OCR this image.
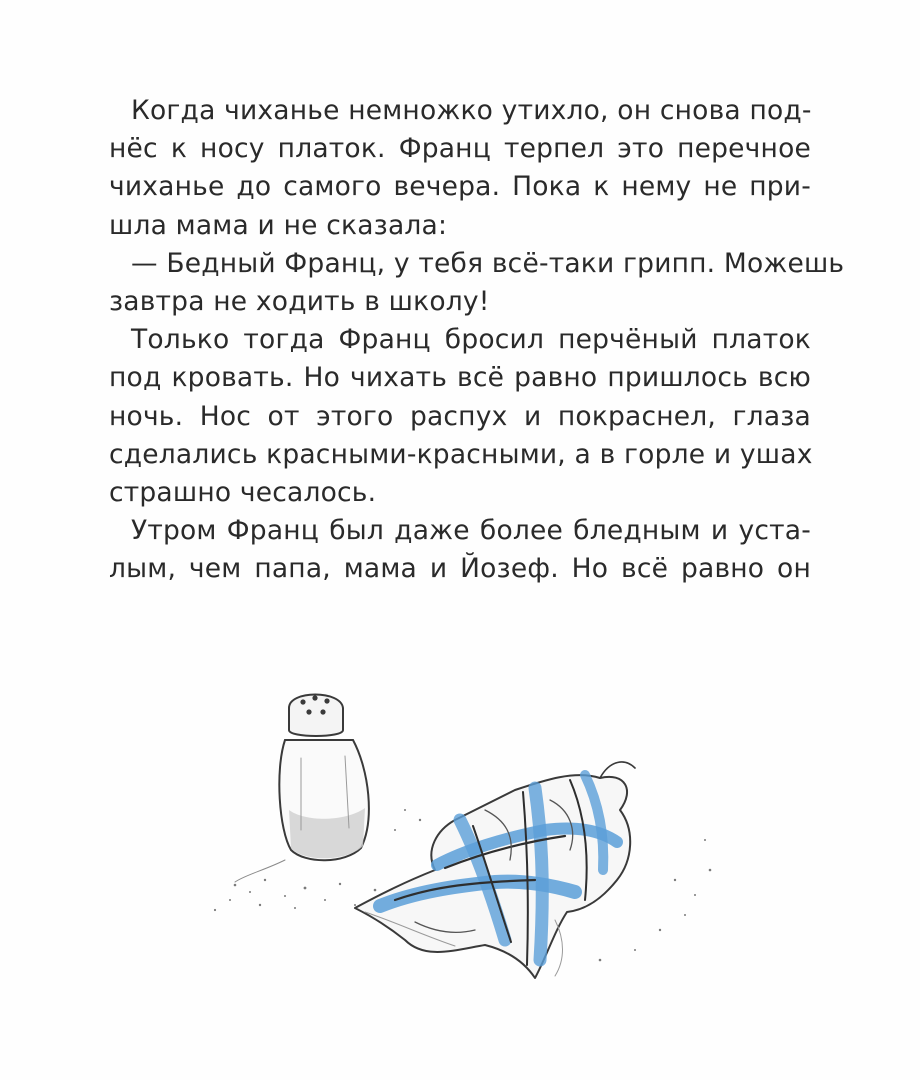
Когда чиханье немножко утихло, он снова под-
нёс к носу платок. Франц терпел это перечное
чиханье до самого вечера. Пока к нему не при-
шла мама и не сказала:
— Бедный Франц, у тебя всё-таки грипп. Можешь
завтра не ходить в школу!
Только тогда Франц бросил перчёный платок
под кровать. Но чихать всё равно пришлось всю
ночь. Нос от этого распух и покраснел, глаза
сделались красными-красными, а в горле и ушах
страшно чесалось.
Утром Франц был даже более бледным и уста-
лым, чем папа, мама и Йозеф. Но всё равно он
